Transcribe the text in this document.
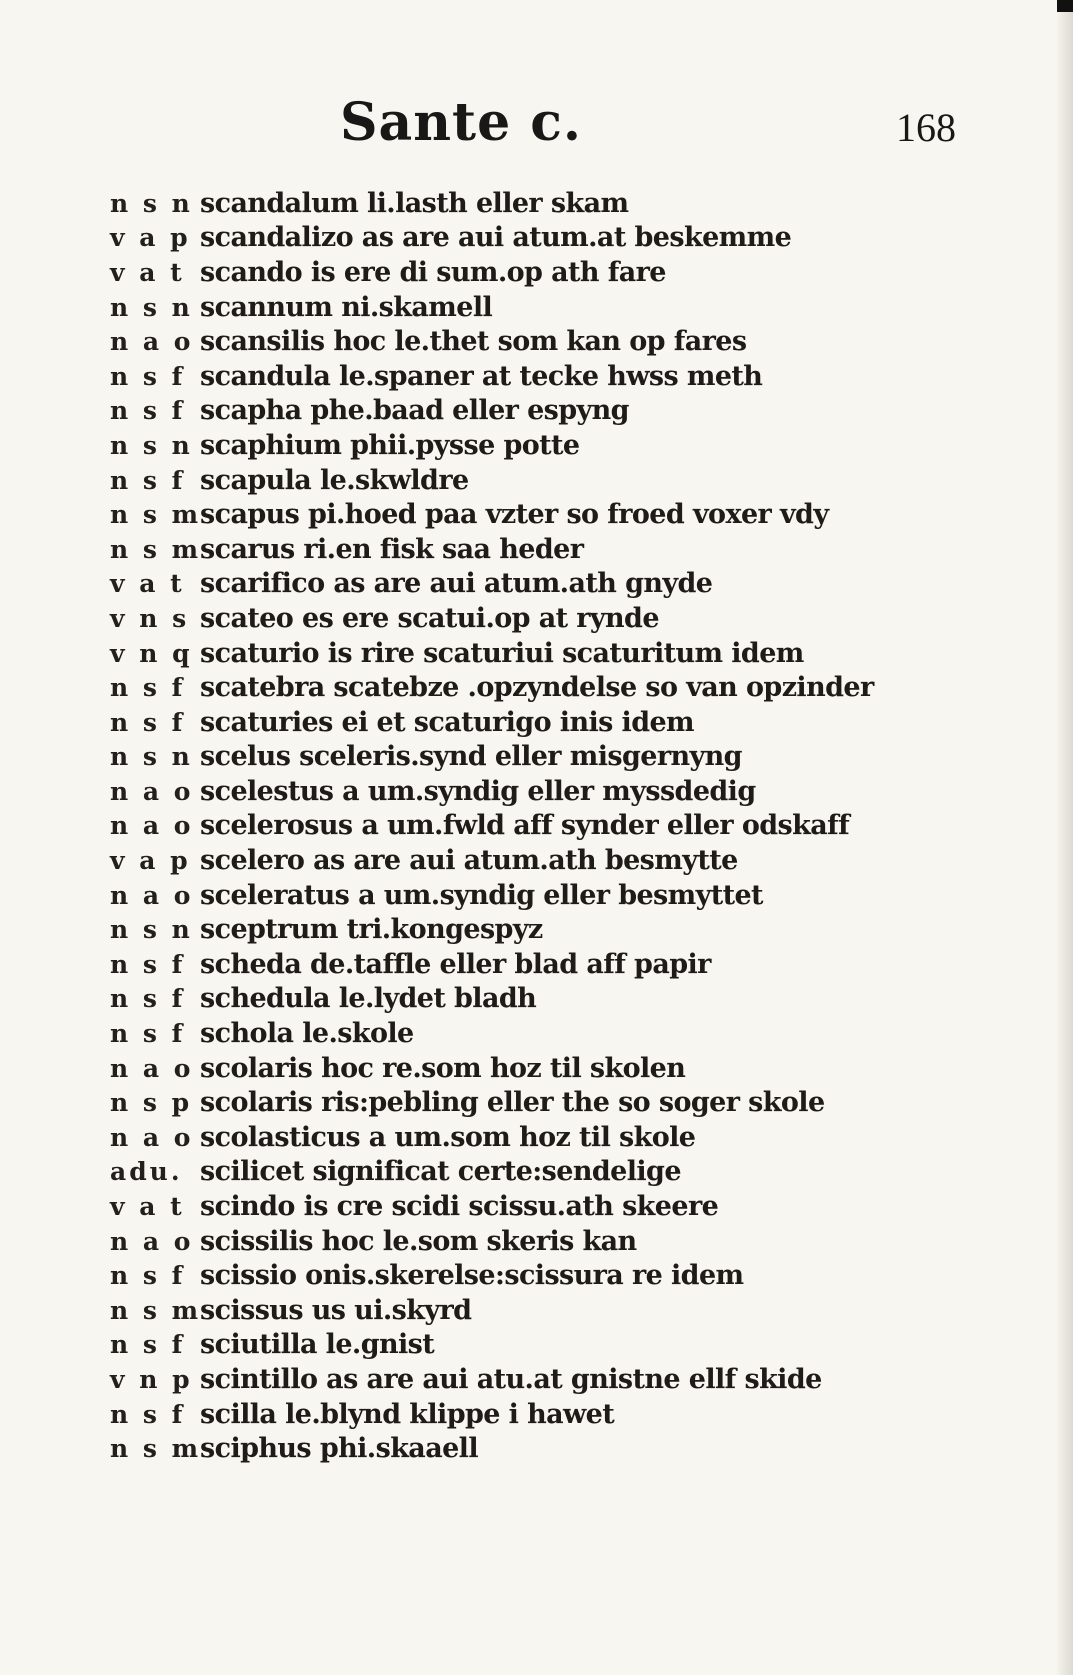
Sante c.	168
n s n scandalum li.lasth eller skam
v a p scandalizo as are aui atum.at beskemme
v a t scando is ere di sum.op ath fare
n s n scannum ni.skamell
n a o scansilis hoc le.thet som kan op fares
n s f scandula le.spaner at tecke hwss meth
n s f scapha phe.baad eller espyng
n s n scaphium phii.pysse potte
n s f scapula le.skwldre
n s m
scapus pi.hoed paa vzter so froed voxer vdy
n s m
scarus ri.en fisk saa heder
v a t scarifico as are aui atum.ath gnyde
v n s scateo es ere scatui.op at rynde
v n q scaturio is rire scaturiui scaturitum idem
n s f scatebra scatebze .opzyndelse so van opzinder
n s f scaturies ei et scaturigo inis idem
n s n scelus sceleris.synd eller misgernyng
n a o scelestus a um.syndig eller myssdedig
n a o scelerosus a um.fwld aff synder eller odskaff
v a p scelero as are aui atum.ath besmytte
n a o sceleratus a um.syndig eller besmyttet
n s n sceptrum tri.kongespyz
n s f scheda de.taffle eller blad aff papir
n s f schedula le.lydet bladh
n s f schola le.skole
n a o scolaris hoc re.som hoz til skolen
n s p scolaris ris:pebling eller the so soger skole
n a o scolasticus a um.som hoz til skole
adu. scilicet significat certe:sendelige
v a t scindo is cre scidi scissu.ath skeere
n a o scissilis hoc le.som skeris kan
n s f scissio onis.skerelse:scissura re idem
n s m
scissus us ui.skyrd
n s f sciutilla le.gnist
v n p scintillo as are aui atu.at gnistne ellf skide
n s f scilla le.blynd klippe i hawet
n s m
sciphus phi.skaaell
